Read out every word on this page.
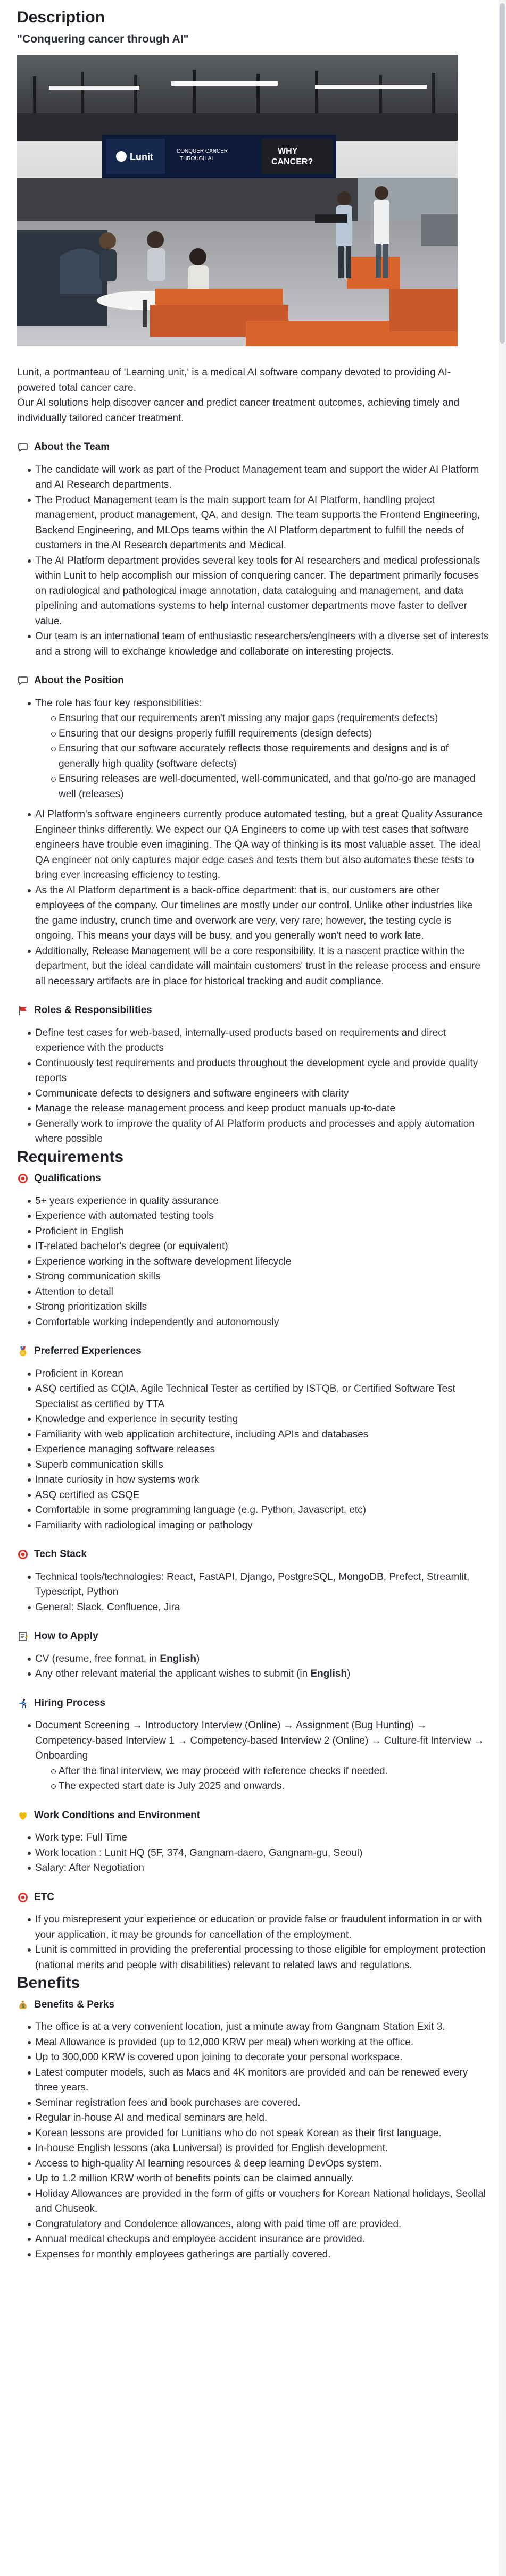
Description
"Conquering cancer through AI"
Lunit
CONQUER CANCER
THROUGH AI
WHY
CANCER?

Lunit, a portmanteau of 'Learning unit,' is a medical AI software company devoted to providing AI-powered total cancer care.

Our AI solutions help discover cancer and predict cancer treatment outcomes, achieving timely and individually tailored cancer treatment.

About the Team
The candidate will work as part of the Product Management team and support the wider AI Platform and AI Research departments.
The Product Management team is the main support team for AI Platform, handling project management, product management, QA, and design. The team supports the Frontend Engineering, Backend Engineering, and MLOps teams within the AI Platform department to fulfill the needs of customers in the AI Research departments and Medical.
The AI Platform department provides several key tools for AI researchers and medical professionals within Lunit to help accomplish our mission of conquering cancer. The department primarily focuses on radiological and pathological image annotation, data cataloguing and management, and data pipelining and automations systems to help internal customer departments move faster to deliver value.
Our team is an international team of enthusiastic researchers/engineers with a diverse set of interests and a strong will to exchange knowledge and collaborate on interesting projects.
About the Position
The role has four key responsibilities:
Ensuring that our requirements aren't missing any major gaps (requirements defects)
Ensuring that our designs properly fulfill requirements (design defects)
Ensuring that our software accurately reflects those requirements and designs and is of generally high quality (software defects)
Ensuring releases are well-documented, well-communicated, and that go/no-go are managed well (releases)
AI Platform's software engineers currently produce automated testing, but a great Quality Assurance Engineer thinks differently. We expect our QA Engineers to come up with test cases that software engineers have trouble even imagining. The QA way of thinking is its most valuable asset. The ideal QA engineer not only captures major edge cases and tests them but also automates these tests to bring ever increasing efficiency to testing.
As the AI Platform department is a back-office department: that is, our customers are other employees of the company. Our timelines are mostly under our control. Unlike other industries like the game industry, crunch time and overwork are very, very rare; however, the testing cycle is ongoing. This means your days will be busy, and you generally won't need to work late.
Additionally, Release Management will be a core responsibility. It is a nascent practice within the department, but the ideal candidate will maintain customers' trust in the release process and ensure all necessary artifacts are in place for historical tracking and audit compliance.
Roles & Responsibilities
Define test cases for web-based, internally-used products based on requirements and direct experience with the products
Continuously test requirements and products throughout the development cycle and provide quality reports
Communicate defects to designers and software engineers with clarity
Manage the release management process and keep product manuals up-to-date
Generally work to improve the quality of AI Platform products and processes and apply automation where possible
Requirements
Qualifications
5+ years experience in quality assurance
Experience with automated testing tools
Proficient in English
IT-related bachelor's degree (or equivalent)
Experience working in the software development lifecycle
Strong communication skills
Attention to detail
Strong prioritization skills
Comfortable working independently and autonomously
Preferred Experiences
Proficient in Korean
ASQ certified as CQIA, Agile Technical Tester as certified by ISTQB, or Certified Software Test Specialist as certified by TTA
Knowledge and experience in security testing
Familiarity with web application architecture, including APIs and databases
Experience managing software releases
Superb communication skills
Innate curiosity in how systems work
ASQ certified as CSQE
Comfortable in some programming language (e.g. Python, Javascript, etc)
Familiarity with radiological imaging or pathology
Tech Stack
Technical tools/technologies: React, FastAPI, Django, PostgreSQL, MongoDB, Prefect, Streamlit, Typescript, Python
General: Slack, Confluence, Jira
How to Apply
CV (resume, free format, in English)
Any other relevant material the applicant wishes to submit (in English)
Hiring Process
Document Screening → Introductory Interview (Online) → Assignment (Bug Hunting) → Competency-based Interview 1 → Competency-based Interview 2 (Online) → Culture-fit Interview → Onboarding
After the final interview, we may proceed with reference checks if needed.
The expected start date is July 2025 and onwards.
Work Conditions and Environment
Work type: Full Time
Work location : Lunit HQ (5F, 374, Gangnam-daero, Gangnam-gu, Seoul)
Salary: After Negotiation
ETC
If you misrepresent your experience or education or provide false or fraudulent information in or with your application, it may be grounds for cancellation of the employment.
Lunit is committed in providing the preferential processing to those eligible for employment protection (national merits and people with disabilities) relevant to related laws and regulations.
Benefits
$ Benefits & Perks
The office is at a very convenient location, just a minute away from Gangnam Station Exit 3.
Meal Allowance is provided (up to 12,000 KRW per meal) when working at the office.
Up to 300,000 KRW is covered upon joining to decorate your personal workspace.
Latest computer models, such as Macs and 4K monitors are provided and can be renewed every three years.
Seminar registration fees and book purchases are covered.
Regular in-house AI and medical seminars are held.
Korean lessons are provided for Lunitians who do not speak Korean as their first language.
In-house English lessons (aka Luniversal) is provided for English development.
Access to high-quality AI learning resources & deep learning DevOps system.
Up to 1.2 million KRW worth of benefits points can be claimed annually.
Holiday Allowances are provided in the form of gifts or vouchers for Korean National holidays, Seollal and Chuseok.
Congratulatory and Condolence allowances, along with paid time off are provided.
Annual medical checkups and employee accident insurance are provided.
Expenses for monthly employees gatherings are partially covered.
